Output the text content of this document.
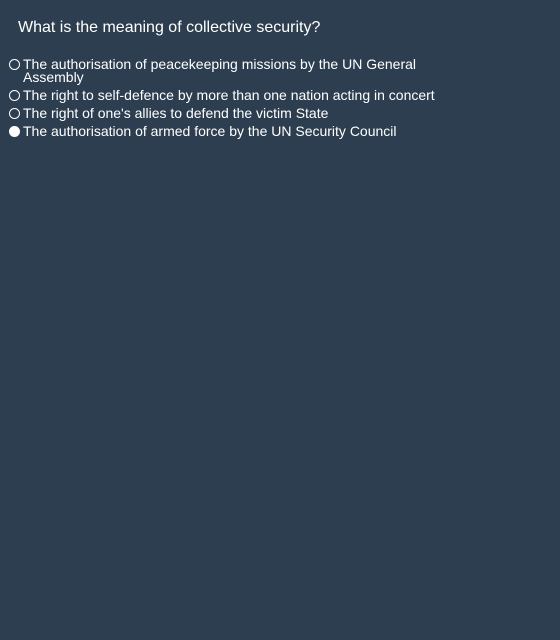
What is the meaning of collective security?
The authorisation of peacekeeping missions by the UN General Assembly
The right to self-defence by more than one nation acting in concert
The right of one's allies to defend the victim State
The authorisation of armed force by the UN Security Council
